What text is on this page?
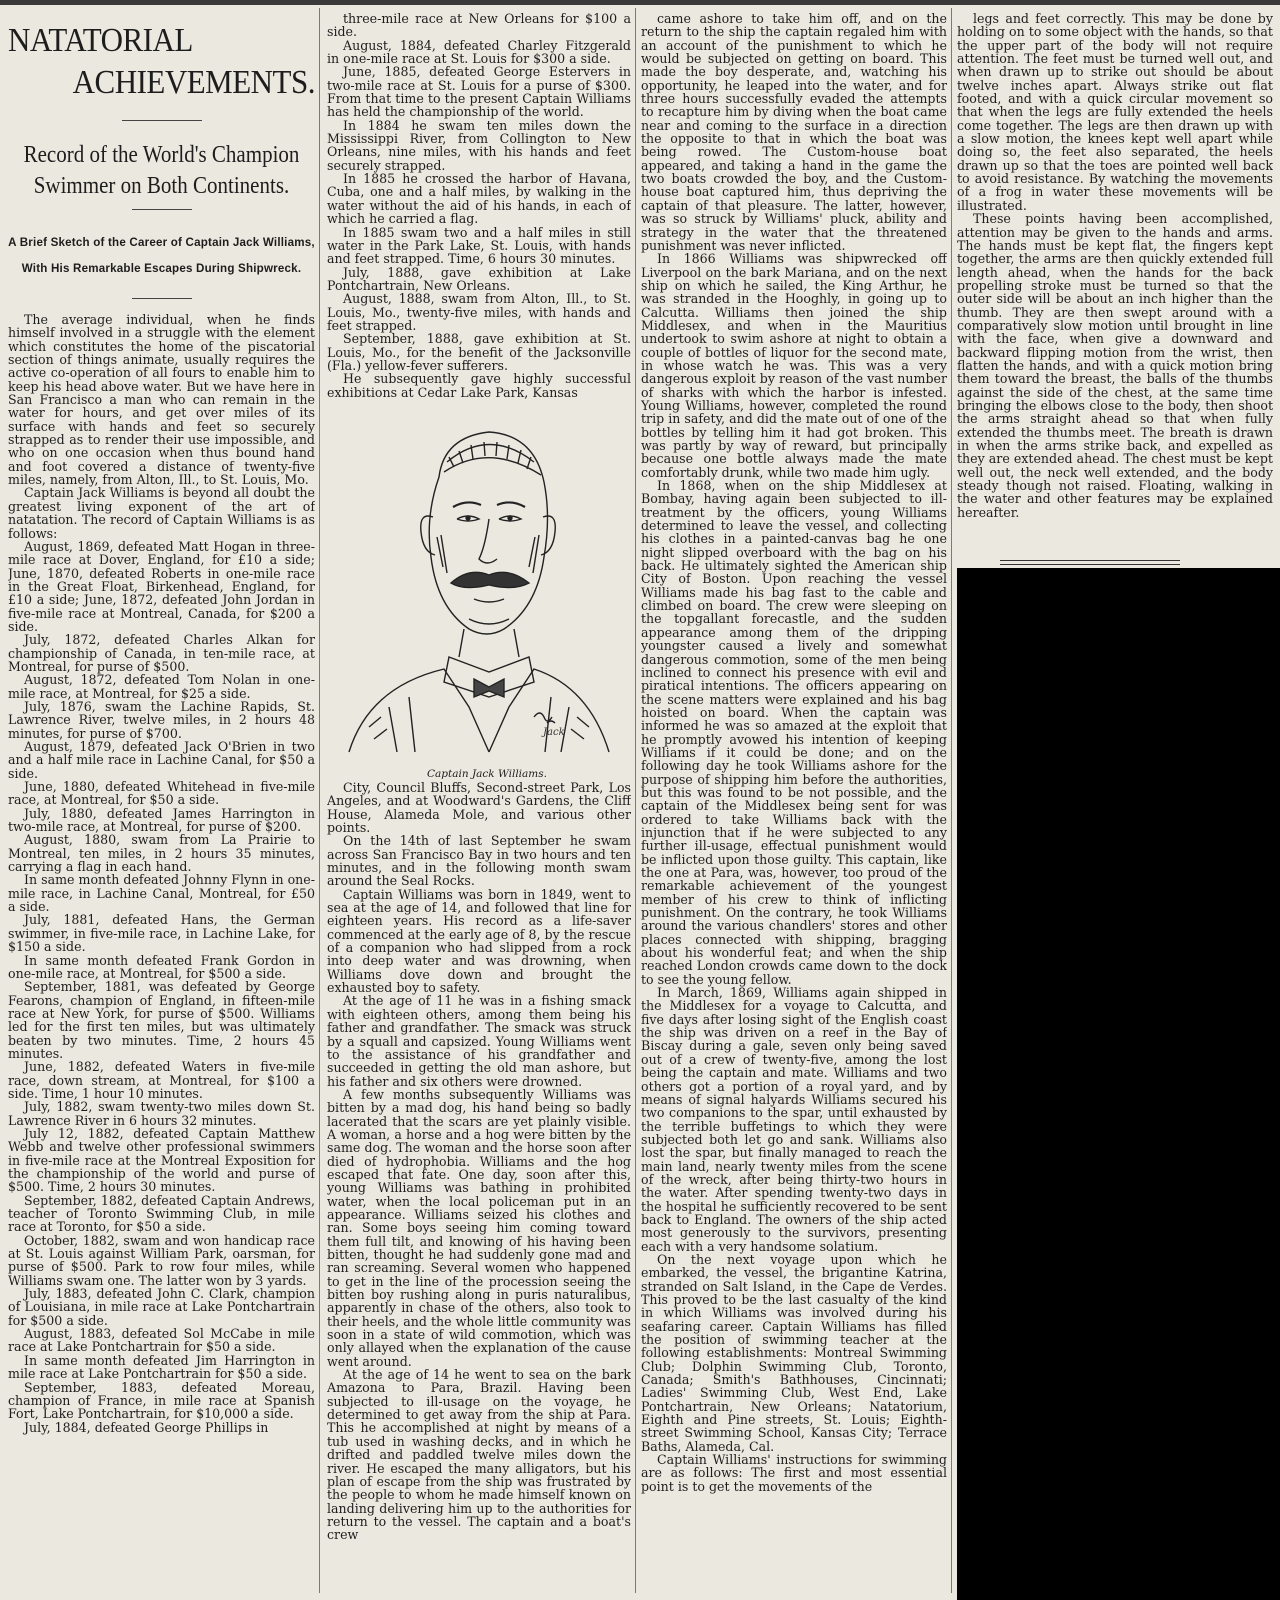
NATATORIAL
ACHIEVEMENTS.
Record of the World's Champion Swimmer on Both Continents.
A Brief Sketch of the Career of Captain Jack Williams, With His Remarkable Escapes During Shipwreck.

The average individual, when he finds himself involved in a struggle with the element which constitutes the home of the piscatorial section of things animate, usually requires the active co-operation of all fours to enable him to keep his head above water. But we have here in San Francisco a man who can remain in the water for hours, and get over miles of its surface with hands and feet so securely strapped as to render their use impossible, and who on one occasion when thus bound hand and foot covered a distance of twenty-five miles, namely, from Alton, Ill., to St. Louis, Mo.

Captain Jack Williams is beyond all doubt the greatest living exponent of the art of natatation. The record of Captain Williams is as follows:

August, 1869, defeated Matt Hogan in three-mile race at Dover, England, for £10 a side; June, 1870, defeated Roberts in one-mile race in the Great Float, Birkenhead, England, for £10 a side; June, 1872, defeated John Jordan in five-mile race at Montreal, Canada, for $200 a side.

July, 1872, defeated Charles Alkan for championship of Canada, in ten-mile race, at Montreal, for purse of $500.

August, 1872, defeated Tom Nolan in one-mile race, at Montreal, for $25 a side.

July, 1876, swam the Lachine Rapids, St. Lawrence River, twelve miles, in 2 hours 48 minutes, for purse of $700.

August, 1879, defeated Jack O'Brien in two and a half mile race in Lachine Canal, for $50 a side.

June, 1880, defeated Whitehead in five-mile race, at Montreal, for $50 a side.

July, 1880, defeated James Harrington in two-mile race, at Montreal, for purse of $200.

August, 1880, swam from La Prairie to Montreal, ten miles, in 2 hours 35 minutes, carrying a flag in each hand.

In same month defeated Johnny Flynn in one-mile race, in Lachine Canal, Montreal, for £50 a side.

July, 1881, defeated Hans, the German swimmer, in five-mile race, in Lachine Lake, for $150 a side.

In same month defeated Frank Gordon in one-mile race, at Montreal, for $500 a side.

September, 1881, was defeated by George Fearons, champion of England, in fifteen-mile race at New York, for purse of $500. Williams led for the first ten miles, but was ultimately beaten by two minutes. Time, 2 hours 45 minutes.

June, 1882, defeated Waters in five-mile race, down stream, at Montreal, for $100 a side. Time, 1 hour 10 minutes.

July, 1882, swam twenty-two miles down St. Lawrence River in 6 hours 32 minutes.

July 12, 1882, defeated Captain Matthew Webb and twelve other professional swimmers in five-mile race at the Montreal Exposition for the championship of the world and purse of $500. Time, 2 hours 30 minutes.

September, 1882, defeated Captain Andrews, teacher of Toronto Swimming Club, in mile race at Toronto, for $50 a side.

October, 1882, swam and won handicap race at St. Louis against William Park, oarsman, for purse of $500. Park to row four miles, while Williams swam one. The latter won by 3 yards.

July, 1883, defeated John C. Clark, champion of Louisiana, in mile race at Lake Pontchartrain for $500 a side.

August, 1883, defeated Sol McCabe in mile race at Lake Pontchartrain for $50 a side.

In same month defeated Jim Harrington in mile race at Lake Pontchartrain for $50 a side.

September, 1883, defeated Moreau, champion of France, in mile race at Spanish Fort, Lake Pontchartrain, for $10,000 a side.

July, 1884, defeated George Phillips in

three-mile race at New Orleans for $100 a side.

August, 1884, defeated Charley Fitzgerald in one-mile race at St. Louis for $300 a side.

June, 1885, defeated George Estervers in two-mile race at St. Louis for a purse of $300. From that time to the present Captain Williams has held the championship of the world.

In 1884 he swam ten miles down the Mississippi River, from Collington to New Orleans, nine miles, with his hands and feet securely strapped.

In 1885 he crossed the harbor of Havana, Cuba, one and a half miles, by walking in the water without the aid of his hands, in each of which he carried a flag.

In 1885 swam two and a half miles in still water in the Park Lake, St. Louis, with hands and feet strapped. Time, 6 hours 30 minutes.

July, 1888, gave exhibition at Lake Pontchartrain, New Orleans.

August, 1888, swam from Alton, Ill., to St. Louis, Mo., twenty-five miles, with hands and feet strapped.

September, 1888, gave exhibition at St. Louis, Mo., for the benefit of the Jacksonville (Fla.) yellow-fever sufferers.

He subsequently gave highly successful exhibitions at Cedar Lake Park, Kansas

Jack

Captain Jack Williams.

City, Council Bluffs, Second-street Park, Los Angeles, and at Woodward's Gardens, the Cliff House, Alameda Mole, and various other points.

On the 14th of last September he swam across San Francisco Bay in two hours and ten minutes, and in the following month swam around the Seal Rocks.

Captain Williams was born in 1849, went to sea at the age of 14, and followed that line for eighteen years. His record as a life-saver commenced at the early age of 8, by the rescue of a companion who had slipped from a rock into deep water and was drowning, when Williams dove down and brought the exhausted boy to safety.

At the age of 11 he was in a fishing smack with eighteen others, among them being his father and grandfather. The smack was struck by a squall and capsized. Young Williams went to the assistance of his grandfather and succeeded in getting the old man ashore, but his father and six others were drowned.

A few months subsequently Williams was bitten by a mad dog, his hand being so badly lacerated that the scars are yet plainly visible. A woman, a horse and a hog were bitten by the same dog. The woman and the horse soon after died of hydrophobia. Williams and the hog escaped that fate. One day, soon after this, young Williams was bathing in prohibited water, when the local policeman put in an appearance. Williams seized his clothes and ran. Some boys seeing him coming toward them full tilt, and knowing of his having been bitten, thought he had suddenly gone mad and ran screaming. Several women who happened to get in the line of the procession seeing the bitten boy rushing along in puris naturalibus, apparently in chase of the others, also took to their heels, and the whole little community was soon in a state of wild commotion, which was only allayed when the explanation of the cause went around.

At the age of 14 he went to sea on the bark Amazona to Para, Brazil. Having been subjected to ill-usage on the voyage, he determined to get away from the ship at Para. This he accomplished at night by means of a tub used in washing decks, and in which he drifted and paddled twelve miles down the river. He escaped the many alligators, but his plan of escape from the ship was frustrated by the people to whom he made himself known on landing delivering him up to the authorities for return to the vessel. The captain and a boat's crew

came ashore to take him off, and on the return to the ship the captain regaled him with an account of the punishment to which he would be subjected on getting on board. This made the boy desperate, and, watching his opportunity, he leaped into the water, and for three hours successfully evaded the attempts to recapture him by diving when the boat came near and coming to the surface in a direction the opposite to that in which the boat was being rowed. The Custom-house boat appeared, and taking a hand in the game the two boats crowded the boy, and the Custom-house boat captured him, thus depriving the captain of that pleasure. The latter, however, was so struck by Williams' pluck, ability and strategy in the water that the threatened punishment was never inflicted.

In 1866 Williams was shipwrecked off Liverpool on the bark Mariana, and on the next ship on which he sailed, the King Arthur, he was stranded in the Hooghly, in going up to Calcutta. Williams then joined the ship Middlesex, and when in the Mauritius undertook to swim ashore at night to obtain a couple of bottles of liquor for the second mate, in whose watch he was. This was a very dangerous exploit by reason of the vast number of sharks with which the harbor is infested. Young Williams, however, completed the round trip in safety, and did the mate out of one of the bottles by telling him it had got broken. This was partly by way of reward, but principally because one bottle always made the mate comfortably drunk, while two made him ugly.

In 1868, when on the ship Middlesex at Bombay, having again been subjected to ill-treatment by the officers, young Williams determined to leave the vessel, and collecting his clothes in a painted-canvas bag he one night slipped overboard with the bag on his back. He ultimately sighted the American ship City of Boston. Upon reaching the vessel Williams made his bag fast to the cable and climbed on board. The crew were sleeping on the topgallant forecastle, and the sudden appearance among them of the dripping youngster caused a lively and somewhat dangerous commotion, some of the men being inclined to connect his presence with evil and piratical intentions. The officers appearing on the scene matters were explained and his bag hoisted on board. When the captain was informed he was so amazed at the exploit that he promptly avowed his intention of keeping Williams if it could be done; and on the following day he took Williams ashore for the purpose of shipping him before the authorities, but this was found to be not possible, and the captain of the Middlesex being sent for was ordered to take Williams back with the injunction that if he were subjected to any further ill-usage, effectual punishment would be inflicted upon those guilty. This captain, like the one at Para, was, however, too proud of the remarkable achievement of the youngest member of his crew to think of inflicting punishment. On the contrary, he took Williams around the various chandlers' stores and other places connected with shipping, bragging about his wonderful feat; and when the ship reached London crowds came down to the dock to see the young fellow.

In March, 1869, Williams again shipped in the Middlesex for a voyage to Calcutta, and five days after losing sight of the English coast the ship was driven on a reef in the Bay of Biscay during a gale, seven only being saved out of a crew of twenty-five, among the lost being the captain and mate. Williams and two others got a portion of a royal yard, and by means of signal halyards Williams secured his two companions to the spar, until exhausted by the terrible buffetings to which they were subjected both let go and sank. Williams also lost the spar, but finally managed to reach the main land, nearly twenty miles from the scene of the wreck, after being thirty-two hours in the water. After spending twenty-two days in the hospital he sufficiently recovered to be sent back to England. The owners of the ship acted most generously to the survivors, presenting each with a very handsome solatium.

On the next voyage upon which he embarked, the vessel, the brigantine Katrina, stranded on Salt Island, in the Cape de Verdes. This proved to be the last casualty of the kind in which Williams was involved during his seafaring career. Captain Williams has filled the position of swimming teacher at the following establishments: Montreal Swimming Club; Dolphin Swimming Club, Toronto, Canada; Smith's Bathhouses, Cincinnati; Ladies' Swimming Club, West End, Lake Pontchartrain, New Orleans; Natatorium, Eighth and Pine streets, St. Louis; Eighth-street Swimming School, Kansas City; Terrace Baths, Alameda, Cal.

Captain Williams' instructions for swimming are as follows: The first and most essential point is to get the movements of the

legs and feet correctly. This may be done by holding on to some object with the hands, so that the upper part of the body will not require attention. The feet must be turned well out, and when drawn up to strike out should be about twelve inches apart. Always strike out flat footed, and with a quick circular movement so that when the legs are fully extended the heels come together. The legs are then drawn up with a slow motion, the knees kept well apart while doing so, the feet also separated, the heels drawn up so that the toes are pointed well back to avoid resistance. By watching the movements of a frog in water these movements will be illustrated.

These points having been accomplished, attention may be given to the hands and arms. The hands must be kept flat, the fingers kept together, the arms are then quickly extended full length ahead, when the hands for the back propelling stroke must be turned so that the outer side will be about an inch higher than the thumb. They are then swept around with a comparatively slow motion until brought in line with the face, when give a downward and backward flipping motion from the wrist, then flatten the hands, and with a quick motion bring them toward the breast, the balls of the thumbs against the side of the chest, at the same time bringing the elbows close to the body, then shoot the arms straight ahead so that when fully extended the thumbs meet. The breath is drawn in when the arms strike back, and expelled as they are extended ahead. The chest must be kept well out, the neck well extended, and the body steady though not raised. Floating, walking in the water and other features may be explained hereafter.
